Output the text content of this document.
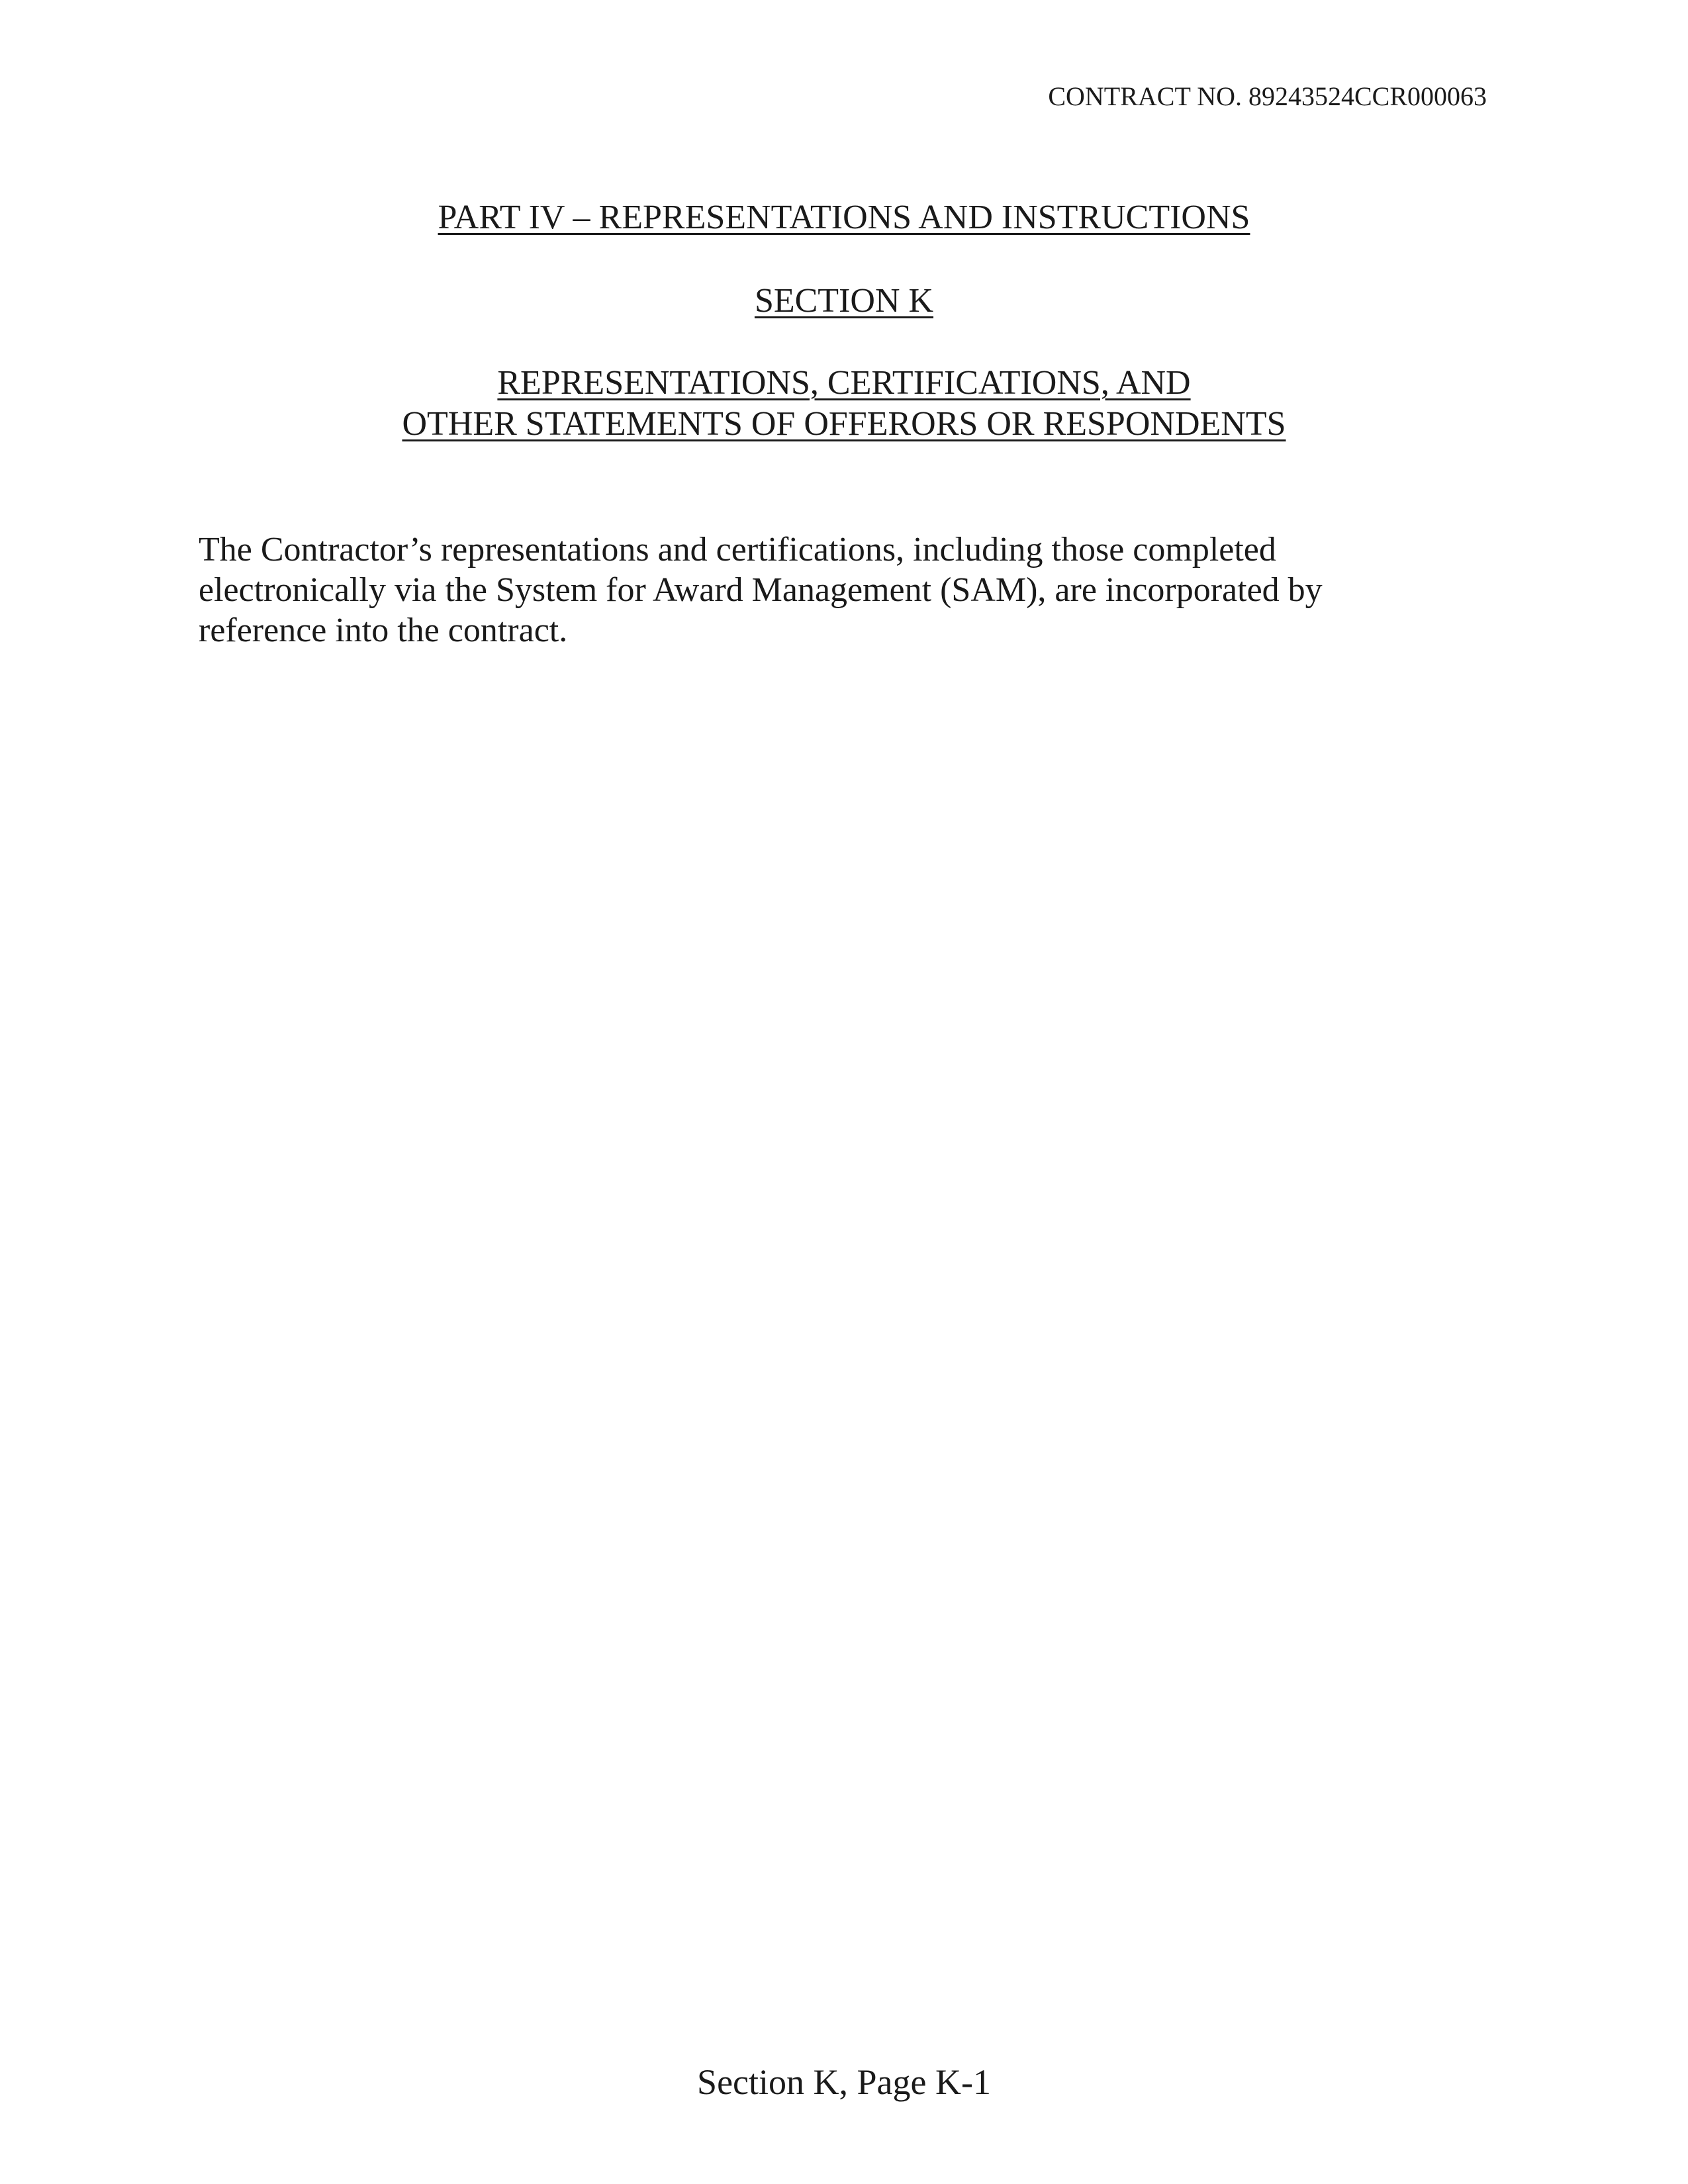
CONTRACT NO. 89243524CCR000063
PART IV – REPRESENTATIONS AND INSTRUCTIONS
SECTION K
REPRESENTATIONS, CERTIFICATIONS, AND
OTHER STATEMENTS OF OFFERORS OR RESPONDENTS
The Contractor’s representations and certifications, including those completed
electronically via the System for Award Management (SAM), are incorporated by
reference into the contract.
Section K, Page K-1
